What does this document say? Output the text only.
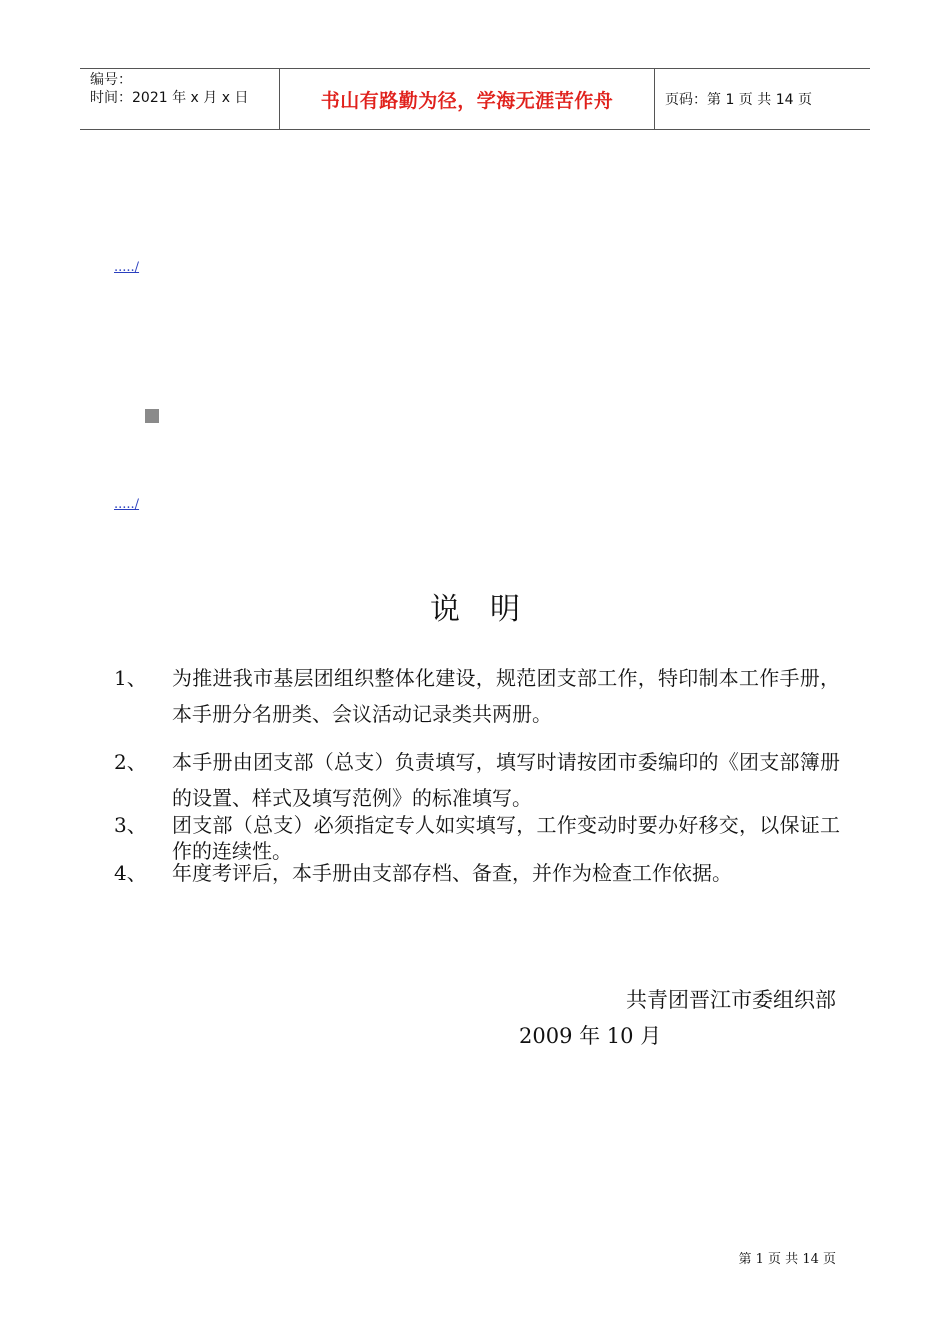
编号：
时间：2021 年 x 月 x 日	书山有路勤为径，学海无涯苦作舟	页码：第 1 页 共 14 页
...../
...../
说明
1、 为推进我市基层团组织整体化建设，规范团支部工作，特印制本工作手册，本手册分名册类、会议活动记录类共两册。
2、 本手册由团支部（总支）负责填写，填写时请按团市委编印的《团支部簿册的设置、样式及填写范例》的标准填写。
3、 团支部（总支）必须指定专人如实填写，工作变动时要办好移交，以保证工作的连续性。
4、 年度考评后，本手册由支部存档、备查，并作为检查工作依据。
共青团晋江市委组织部
2009 年 10 月
第 1 页 共 14 页
